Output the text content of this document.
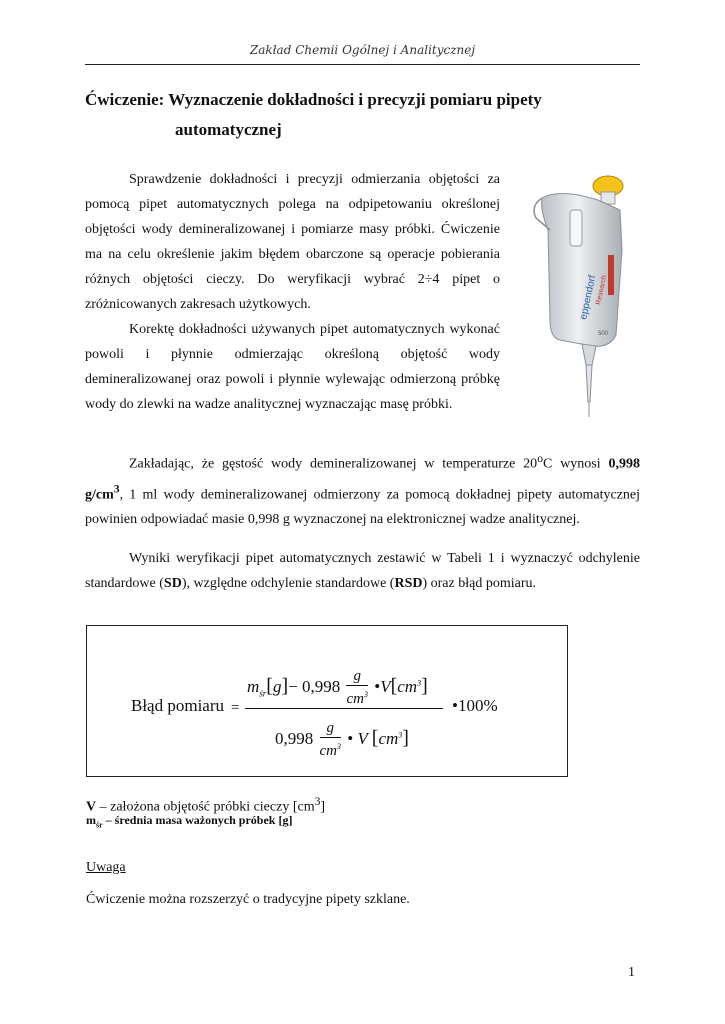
Zakład Chemii Ogólnej i Analitycznej
Ćwiczenie: Wyznaczenie dokładności i precyzji pomiaru pipety
automatycznej

Sprawdzenie dokładności i precyzji odmierzania objętości za pomocą pipet automatycznych polega na odpipetowaniu określonej objętości wody demineralizowanej i pomiarze masy próbki. Ćwiczenie ma na celu określenie jakim błędem obarczone są operacje pobierania różnych objętości cieczy. Do weryfikacji wybrać 2÷4 pipet o zróżnicowanych zakresach użytkowych.

Korektę dokładności używanych pipet automatycznych wykonać powoli i płynnie odmierzając określoną objętość wody demineralizowanej oraz powoli i płynnie wylewając odmierzoną próbkę wody do zlewki na wadze analitycznej wyznaczając masę próbki.

Zakładając, że gęstość wody demineralizowanej w temperaturze 20$^o$C wynosi 0,998 $g/cm^3$, 1 ml wody demineralizowanej odmierzony za pomocą dokładnej pipety automatycznej powinien odpowiadać masie 0,998 g wyznaczonej na elektronicznej wadze analitycznej.

Wyniki weryfikacji pipet automatycznych zestawić w Tabeli 1 i wyznaczyć odchylenie standardowe (SD), względne odchylenie standardowe (RSD) oraz błąd pomiaru.

eppendorf
Research
500
Błąd pomiaru =
$m_{śr}[g]- 0,998 \frac{g}{cm^3}$ $•V[cm^3]$
$0,998 \frac{g}{cm^3}$ • V $[cm^3]$
•100%
V – założona objętość próbki cieczy $[cm^3]$
$m_{śr}$ – średnia masa ważonych próbek [g]
Uwaga
Ćwiczenie można rozszerzyć o tradycyjne pipety szklane.
1
